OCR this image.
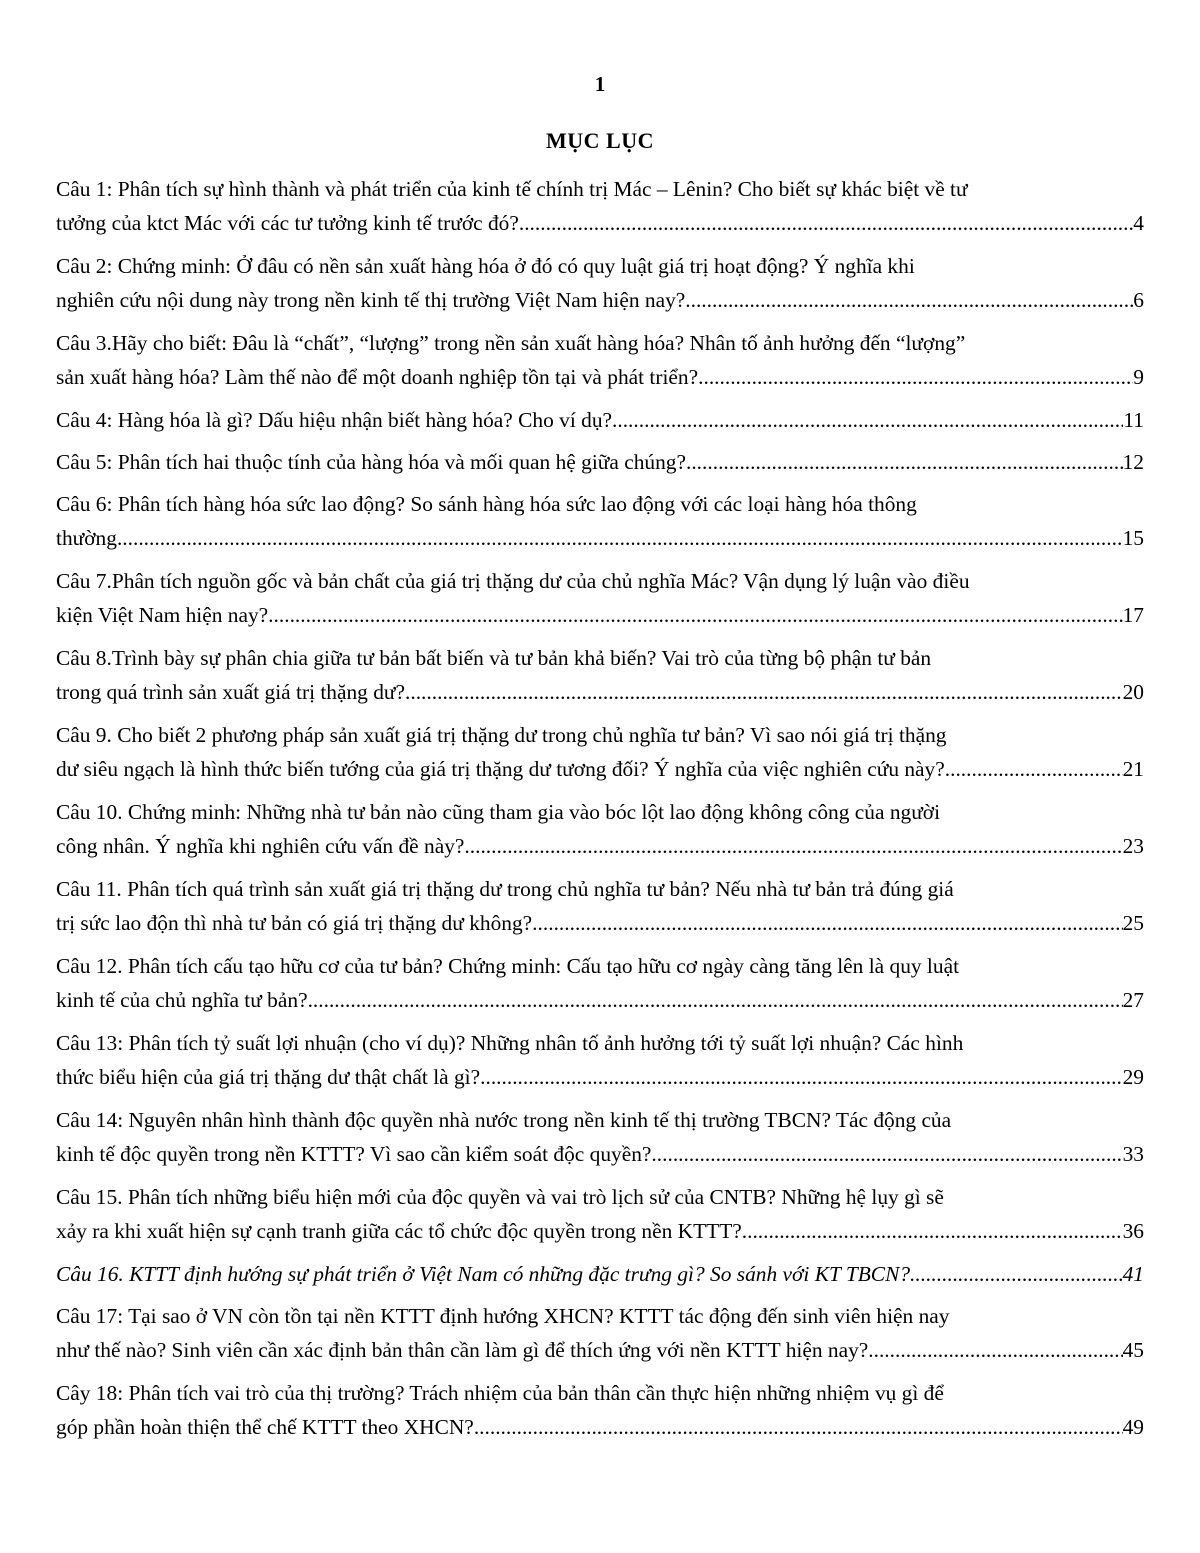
1
MỤC LỤC
Câu 1: Phân tích sự hình thành và phát triển của kinh tế chính trị Mác – Lênin? Cho biết sự khác biệt về tư
tưởng của ktct Mác với các tư tưởng kinh tế trước đó? .....	4
Câu 2: Chứng minh: Ở đâu có nền sản xuất hàng hóa ở đó có quy luật giá trị hoạt động? Ý nghĩa khi
nghiên cứu nội dung này trong nền kinh tế thị trường Việt Nam hiện nay? .....	6
Câu 3.Hãy cho biết: Đâu là “chất”, “lượng” trong nền sản xuất hàng hóa? Nhân tố ảnh hưởng đến “lượng”
sản xuất hàng hóa? Làm thế nào để một doanh nghiệp tồn tại và phát triển? .....	9
Câu 4: Hàng hóa là gì? Dấu hiệu nhận biết hàng hóa? Cho ví dụ? .....	11
Câu 5: Phân tích hai thuộc tính của hàng hóa và mối quan hệ giữa chúng? .....	12
Câu 6: Phân tích hàng hóa sức lao động? So sánh hàng hóa sức lao động với các loại hàng hóa thông
thường .....	15
Câu 7.Phân tích nguồn gốc và bản chất của giá trị thặng dư của chủ nghĩa Mác? Vận dụng lý luận vào điều
kiện Việt Nam hiện nay? .....	17
Câu 8.Trình bày sự phân chia giữa tư bản bất biến và tư bản khả biến? Vai trò của từng bộ phận tư bản
trong quá trình sản xuất giá trị thặng dư? .....	20
Câu 9. Cho biết 2 phương pháp sản xuất giá trị thặng dư trong chủ nghĩa tư bản? Vì sao nói giá trị thặng
dư siêu ngạch là hình thức biến tướng của giá trị thặng dư tương đối? Ý nghĩa của việc nghiên cứu này?. .....	21
Câu 10. Chứng minh: Những nhà tư bản nào cũng tham gia vào bóc lột lao động không công của người
công nhân. Ý nghĩa khi nghiên cứu vấn đề này? .....	23
Câu 11. Phân tích quá trình sản xuất giá trị thặng dư trong chủ nghĩa tư bản? Nếu nhà tư bản trả đúng giá
trị sức lao độn thì nhà tư bản có giá trị thặng dư không? .....	25
Câu 12. Phân tích cấu tạo hữu cơ của tư bản? Chứng minh: Cấu tạo hữu cơ ngày càng tăng lên là quy luật
kinh tế của chủ nghĩa tư bản? .....	27
Câu 13: Phân tích tỷ suất lợi nhuận (cho ví dụ)? Những nhân tố ảnh hưởng tới tỷ suất lợi nhuận? Các hình
thức biểu hiện của giá trị thặng dư thật chất là gì? .....	29
Câu 14: Nguyên nhân hình thành độc quyền nhà nước trong nền kinh tế thị trường TBCN? Tác động của
kinh tế độc quyền trong nền KTTT? Vì sao cần kiểm soát độc quyền? .....	33
Câu 15. Phân tích những biểu hiện mới của độc quyền và vai trò lịch sử của CNTB? Những hệ lụy gì sẽ
xảy ra khi xuất hiện sự cạnh tranh giữa các tổ chức độc quyền trong nền KTTT? .....	36
Câu 16. KTTT định hướng sự phát triển ở Việt Nam có những đặc trưng gì? So sánh với KT TBCN? .....	41
Câu 17: Tại sao ở VN còn tồn tại nền KTTT định hướng XHCN? KTTT tác động đến sinh viên hiện nay
như thế nào? Sinh viên cần xác định bản thân cần làm gì để thích ứng với nền KTTT hiện nay? .....	45
Cây 18: Phân tích vai trò của thị trường? Trách nhiệm của bản thân cần thực hiện những nhiệm vụ gì để
góp phần hoàn thiện thể chế KTTT theo XHCN? .....	49
